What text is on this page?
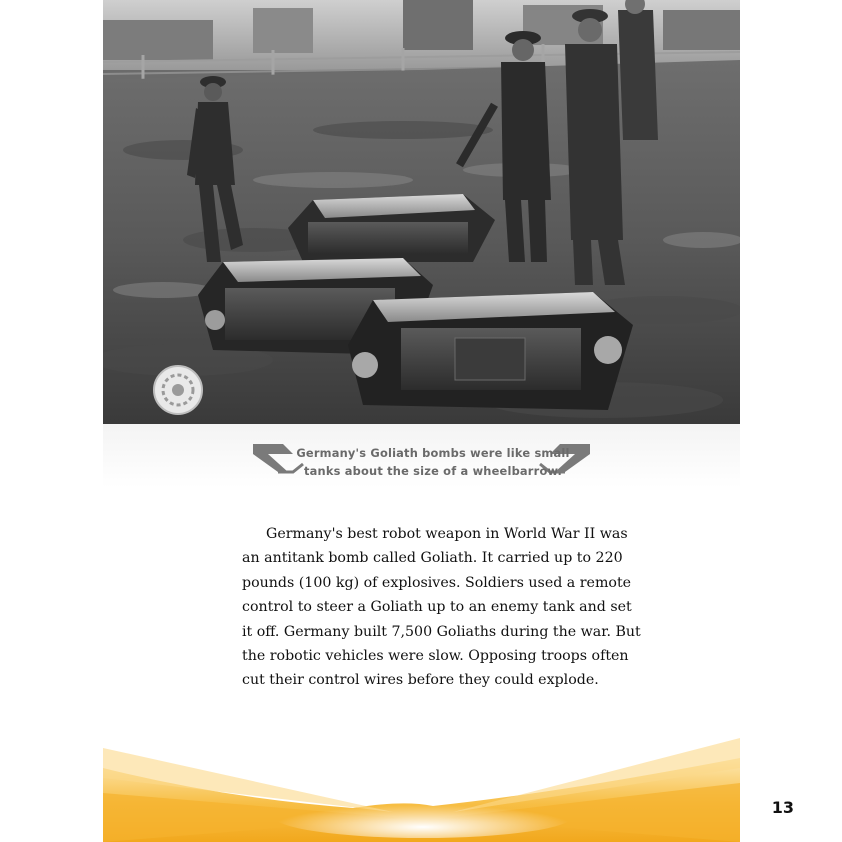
Germany's Goliath bombs were like small tanks about the size of a wheelbarrow.

Germany's best robot weapon in World War II was an antitank bomb called Goliath. It carried up to 220 pounds (100 kg) of explosives. Soldiers used a remote control to steer a Goliath up to an enemy tank and set it off. Germany built 7,500 Goliaths during the war. But the robotic vehicles were slow. Opposing troops often cut their control wires before they could explode.

13
